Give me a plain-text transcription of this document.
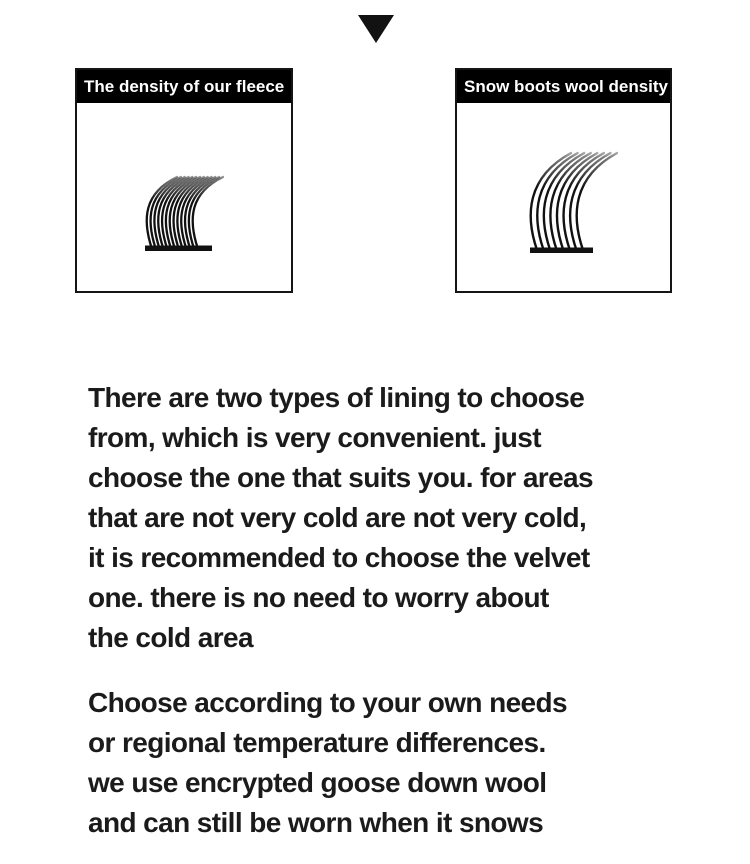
The density of our fleece	Snow boots wool density
There are two types of lining to choose
from, which is very convenient. just
choose the one that suits you. for areas
that are not very cold are not very cold,
it is recommended to choose the velvet
one. there is no need to worry about
the cold area
Choose according to your own needs
or regional temperature differences.
we use encrypted goose down wool
and can still be worn when it snows
